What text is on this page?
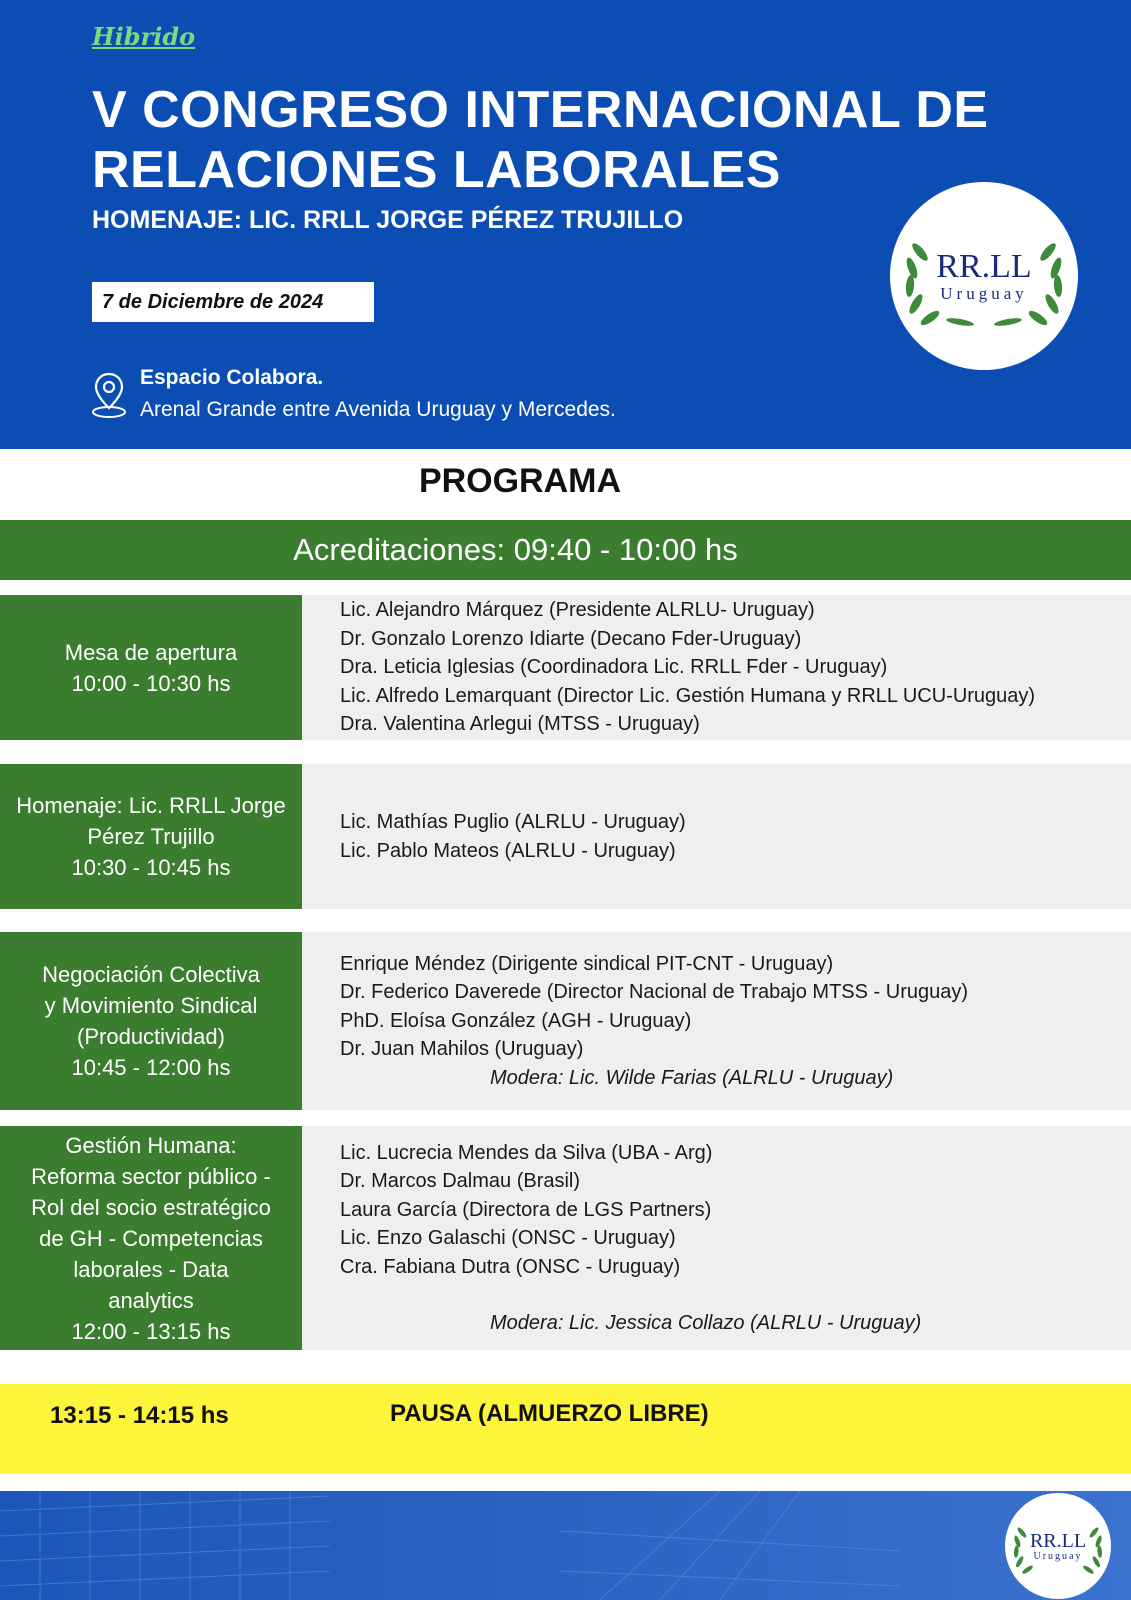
Hibrido
V CONGRESO INTERNACIONAL DE
RELACIONES LABORALES
HOMENAJE: LIC. RRLL JORGE PÉREZ TRUJILLO
7 de Diciembre de 2024
Espacio Colabora.
Arenal Grande entre Avenida Uruguay y Mercedes.
RR.LL
Uruguay
PROGRAMA
Acreditaciones: 09:40 - 10:00 hs
Mesa de apertura
10:00 - 10:30 hs
Lic. Alejandro Márquez (Presidente ALRLU- Uruguay)
Dr. Gonzalo Lorenzo Idiarte (Decano Fder-Uruguay)
Dra. Leticia Iglesias (Coordinadora Lic. RRLL Fder - Uruguay)
Lic. Alfredo Lemarquant (Director Lic. Gestión Humana y RRLL UCU-Uruguay)
Dra. Valentina Arlegui (MTSS - Uruguay)
Homenaje: Lic. RRLL Jorge
Pérez Trujillo
10:30 - 10:45 hs
Lic. Mathías Puglio (ALRLU - Uruguay)
Lic. Pablo Mateos (ALRLU - Uruguay)
Negociación Colectiva
y Movimiento Sindical
(Productividad)
10:45 - 12:00 hs
Enrique Méndez (Dirigente sindical PIT-CNT - Uruguay)
Dr. Federico Daverede (Director Nacional de Trabajo MTSS - Uruguay)
PhD. Eloísa González (AGH - Uruguay)
Dr. Juan Mahilos (Uruguay)
Modera: Lic. Wilde Farias (ALRLU - Uruguay)
Gestión Humana:
Reforma sector público -
Rol del socio estratégico
de GH - Competencias
laborales - Data
analytics
12:00 - 13:15 hs
Lic. Lucrecia Mendes da Silva (UBA - Arg)
Dr. Marcos Dalmau (Brasil)
Laura García (Directora de LGS Partners)
Lic. Enzo Galaschi (ONSC - Uruguay)
Cra. Fabiana Dutra (ONSC - Uruguay)
Modera: Lic. Jessica Collazo (ALRLU - Uruguay)
13:15 - 14:15 hs	PAUSA (ALMUERZO LIBRE)
RR.LL
Uruguay
